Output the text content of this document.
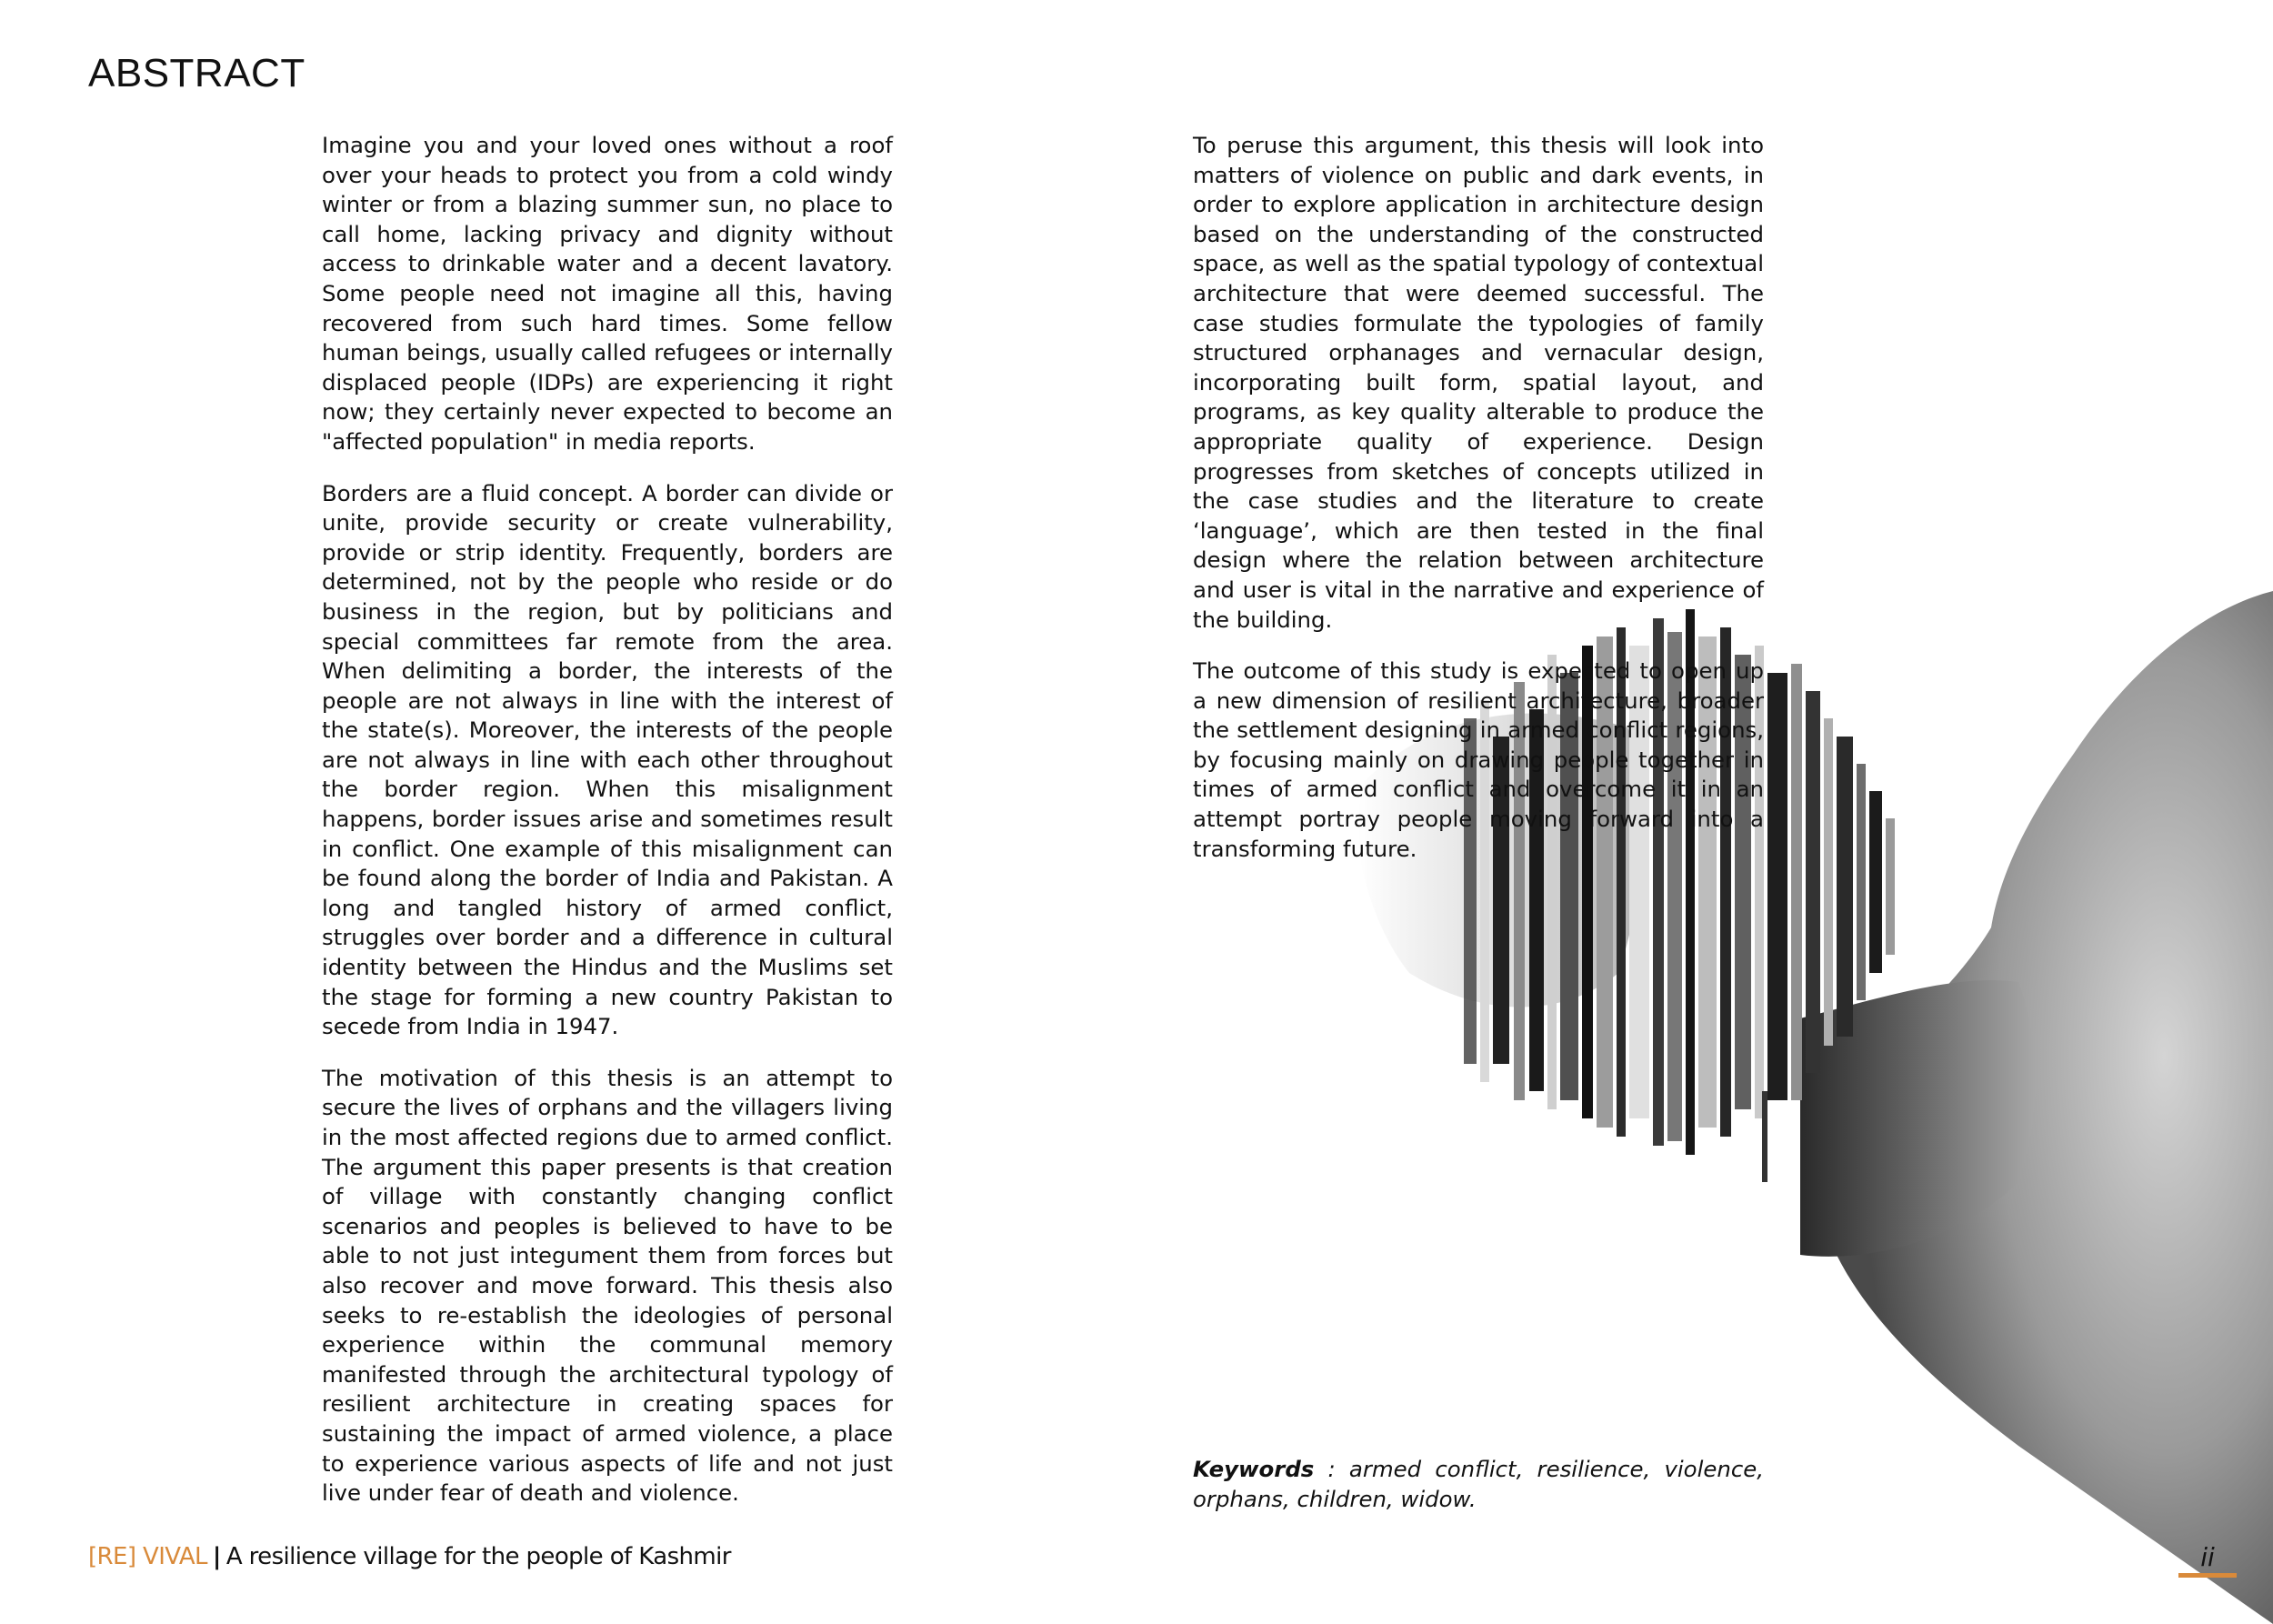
ABSTRACT

Imagine you and your loved ones without a roof over your heads to protect you from a cold windy winter or from a blazing summer sun, no place to call home, lacking privacy and dignity without access to drinkable water and a decent lavatory. Some people need not imagine all this, having recovered from such hard times. Some fellow human beings, usually called refugees or internally displaced people (IDPs) are experiencing it right now; they certainly never expected to become an "affected population" in media reports.

Borders are a fluid concept. A border can divide or unite, provide security or create vulnerability, provide or strip identity. Frequently, borders are determined, not by the people who reside or do business in the region, but by politicians and special committees far remote from the area. When delimiting a border, the interests of the people are not always in line with the interest of the state(s). Moreover, the interests of the people are not always in line with each other throughout the border region. When this misalignment happens, border issues arise and sometimes result in conflict. One example of this misalignment can be found along the border of India and Pakistan. A long and tangled history of armed conflict, struggles over border and a difference in cultural identity between the Hindus and the Muslims set the stage for forming a new country Pakistan to secede from India in 1947.

The motivation of this thesis is an attempt to secure the lives of orphans and the villagers living in the most affected regions due to armed conflict. The argument this paper presents is that creation of village with constantly changing conflict scenarios and peoples is believed to have to be able to not just integument them from forces but also recover and move forward. This thesis also seeks to re-establish the ideologies of personal experience within the communal memory manifested through the architectural typology of resilient architecture in creating spaces for sustaining the impact of armed violence, a place to experience various aspects of life and not just live under fear of death and violence.

To peruse this argument, this thesis will look into matters of violence on public and dark events, in order to explore application in architecture design based on the understanding of the constructed space, as well as the spatial typology of contextual architecture that were deemed successful. The case studies formulate the typologies of family structured orphanages and vernacular design, incorporating built form, spatial layout, and programs, as key quality alterable to produce the appropriate quality of experience. Design progresses from sketches of concepts utilized in the case studies and the literature to create ‘language’, which are then tested in the final design where the relation between architecture and user is vital in the narrative and experience of the building.

The outcome of this study is expected to open up a new dimension of resilient architecture, broader the settlement designing in armed conflict regions, by focusing mainly on drawing people together in times of armed conflict and overcome it in an attempt portray people moving forward into a transforming future.

Keywords : armed conflict, resilience, violence, orphans, children, widow.

[RE] VIVAL | A resilience village for the people of Kashmir	ii
